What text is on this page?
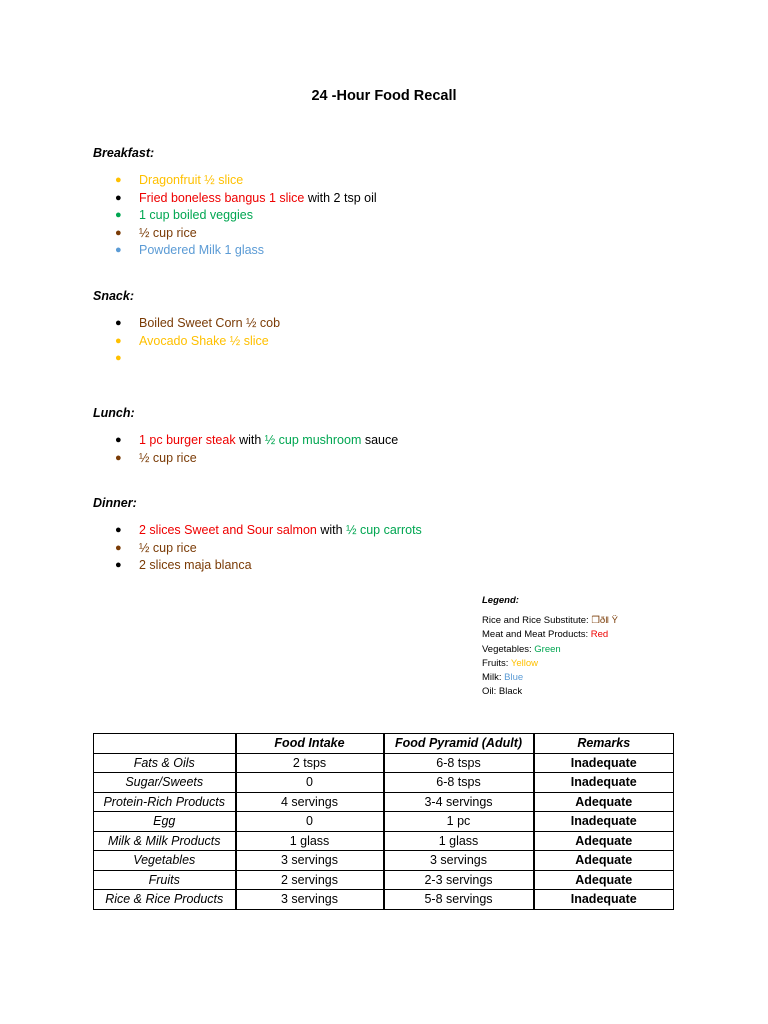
24 -Hour Food Recall
Breakfast:
● Dragonfruit ½ slice
● Fried boneless bangus 1 slice with 2 tsp oil
● 1 cup boiled veggies
● ½ cup rice
● Powdered Milk 1 glass
Snack:
● Boiled Sweet Corn ½ cob
● Avocado Shake ½ slice
●
Lunch:
● 1 pc burger steak with ½ cup mushroom sauce
● ½ cup rice
Dinner:
● 2 slices Sweet and Sour salmon with ½ cup carrots
● ½ cup rice
● 2 slices maja blanca
Legend:
Rice and Rice Substitute: ❒ð‖ Ÿ
Meat and Meat Products: Red
Vegetables: Green
Fruits: Yellow
Milk: Blue
Oil: Black
	Food Intake	Food Pyramid (Adult)	Remarks
Fats & Oils	2 tsps	6-8 tsps	Inadequate
Sugar/Sweets	0	6-8 tsps	Inadequate
Protein-Rich Products	4 servings	3-4 servings	Adequate
Egg	0	1 pc	Inadequate
Milk & Milk Products	1 glass	1 glass	Adequate
Vegetables	3 servings	3 servings	Adequate
Fruits	2 servings	2-3 servings	Adequate
Rice & Rice Products	3 servings	5-8 servings	Inadequate
